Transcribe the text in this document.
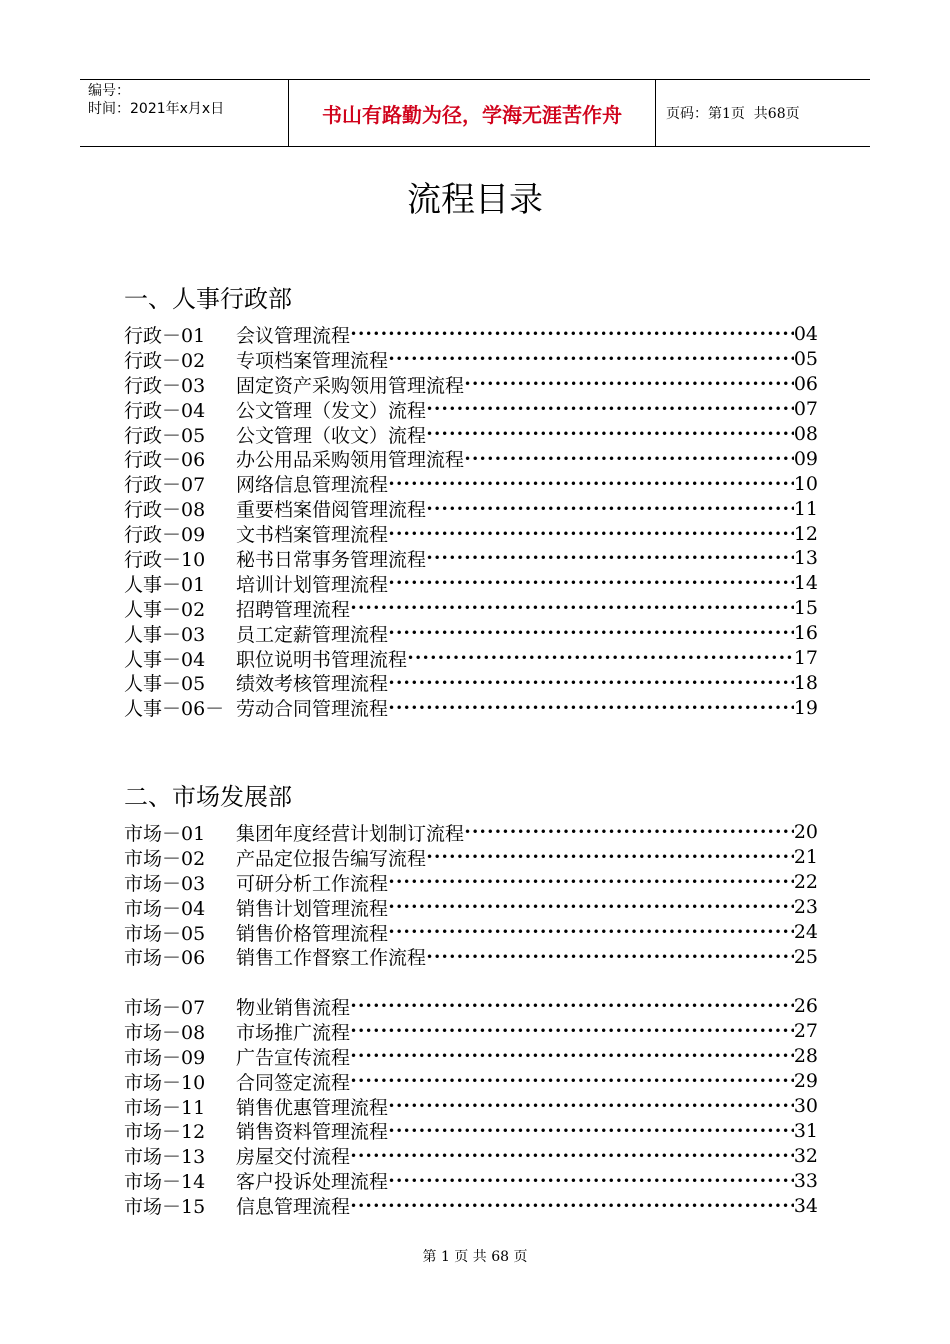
编号：
时间：2021年x月x日	书山有路勤为径，学海无涯苦作舟	页码：第1页  共68页
流程目录
一、人事行政部
行政－01	会议管理流程 •••••	04
行政－02	专项档案管理流程 •••••	05
行政－03	固定资产采购领用管理流程 •••••	06
行政－04	公文管理（发文）流程 •••••	07
行政－05	公文管理（收文）流程 •••••	08
行政－06	办公用品采购领用管理流程 •••••	09
行政－07	网络信息管理流程 •••••	10
行政－08	重要档案借阅管理流程 •••••	11
行政－09	文书档案管理流程 •••••	12
行政－10	秘书日常事务管理流程 •••••	13
人事－01	培训计划管理流程 •••••	14
人事－02	招聘管理流程 •••••	15
人事－03	员工定薪管理流程 •••••	16
人事－04	职位说明书管理流程 •••••	17
人事－05	绩效考核管理流程 •••••	18
人事－06－ 劳动合同管理流程 •••••	19
二、市场发展部
市场－01	集团年度经营计划制订流程 •••••	20
市场－02	产品定位报告编写流程 •••••	21
市场－03	可研分析工作流程 •••••	22
市场－04	销售计划管理流程 •••••	23
市场－05	销售价格管理流程 •••••	24
市场－06	销售工作督察工作流程 •••••	25
市场－07	物业销售流程 •••••	26
市场－08	市场推广流程 •••••	27
市场－09	广告宣传流程 •••••	28
市场－10	合同签定流程 •••••	29
市场－11	销售优惠管理流程 •••••	30
市场－12	销售资料管理流程 •••••	31
市场－13	房屋交付流程 •••••	32
市场－14	客户投诉处理流程 •••••	33
市场－15	信息管理流程 •••••	34
第 1 页 共 68 页
